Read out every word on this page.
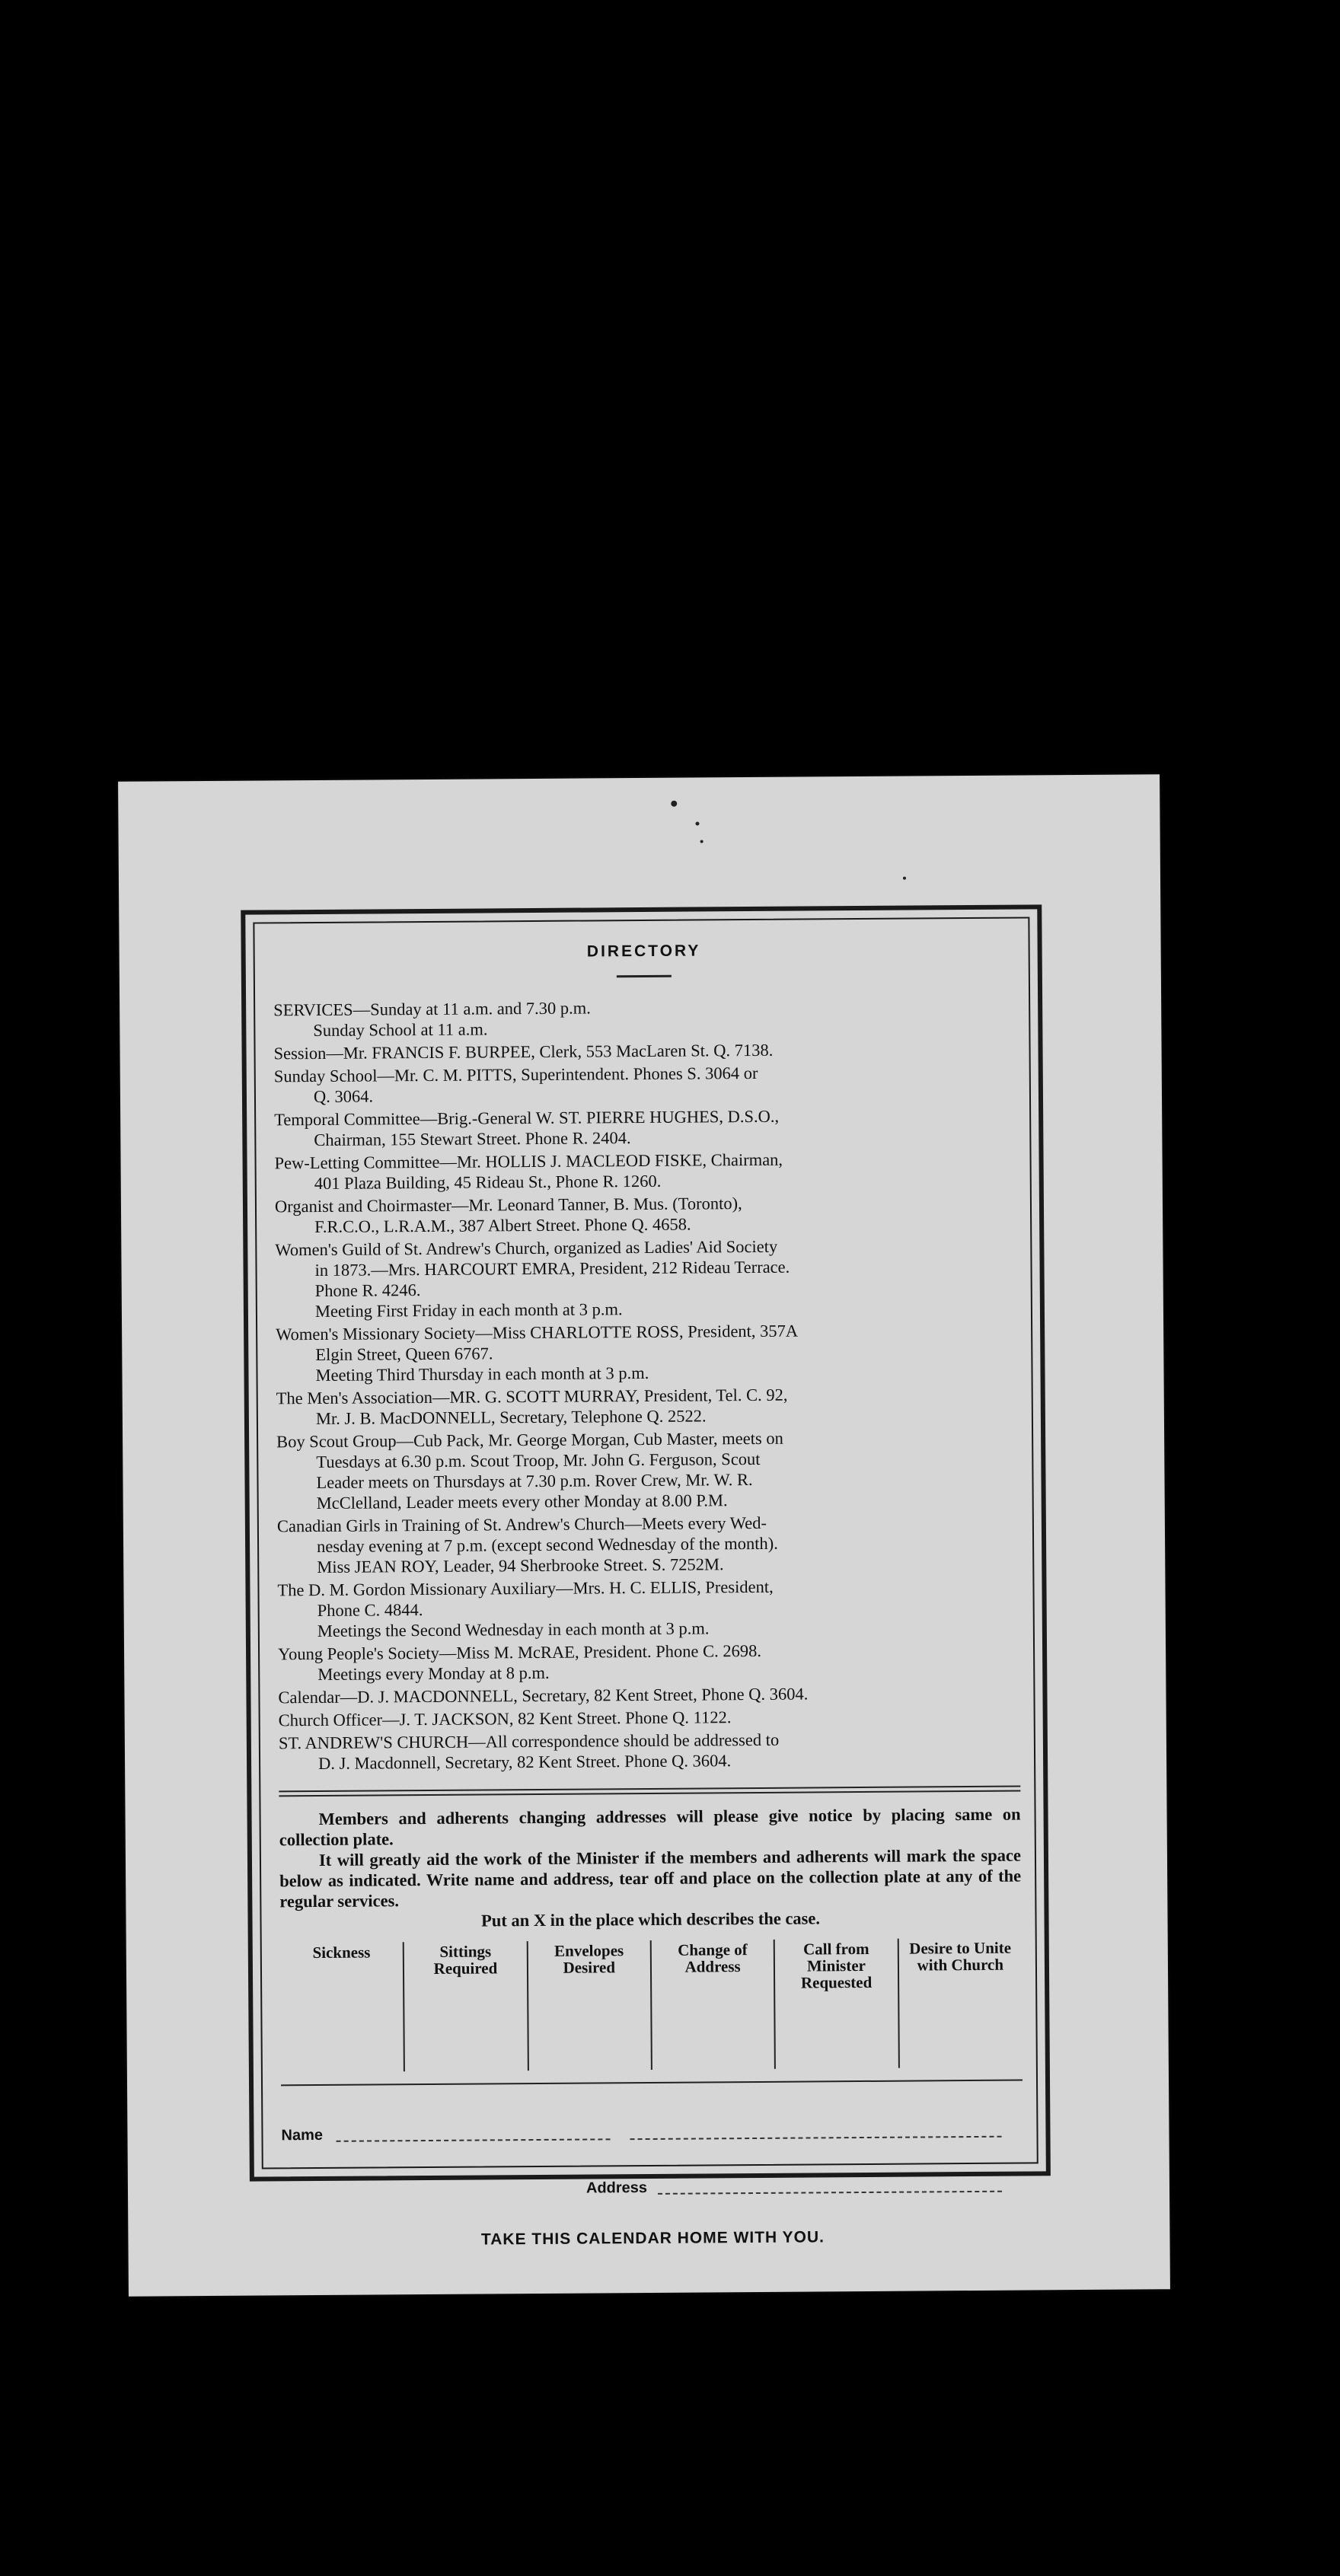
DIRECTORY
SERVICES—Sunday at 11 a.m. and 7.30 p.m.
Sunday School at 11 a.m.
Session—Mr. FRANCIS F. BURPEE, Clerk, 553 MacLaren St. Q. 7138.
Sunday School—Mr. C. M. PITTS, Superintendent. Phones S. 3064 or
Q. 3064.
Temporal Committee—Brig.-General W. ST. PIERRE HUGHES, D.S.O.,
Chairman, 155 Stewart Street. Phone R. 2404.
Pew-Letting Committee—Mr. HOLLIS J. MACLEOD FISKE, Chairman,
401 Plaza Building, 45 Rideau St., Phone R. 1260.
Organist and Choirmaster—Mr. Leonard Tanner, B. Mus. (Toronto),
F.R.C.O., L.R.A.M., 387 Albert Street. Phone Q. 4658.
Women's Guild of St. Andrew's Church, organized as Ladies' Aid Society
in 1873.—Mrs. HARCOURT EMRA, President, 212 Rideau Terrace.
Phone R. 4246.
Meeting First Friday in each month at 3 p.m.
Women's Missionary Society—Miss CHARLOTTE ROSS, President, 357A
Elgin Street, Queen 6767.
Meeting Third Thursday in each month at 3 p.m.
The Men's Association—MR. G. SCOTT MURRAY, President, Tel. C. 92,
Mr. J. B. MacDONNELL, Secretary, Telephone Q. 2522.
Boy Scout Group—Cub Pack, Mr. George Morgan, Cub Master, meets on
Tuesdays at 6.30 p.m. Scout Troop, Mr. John G. Ferguson, Scout
Leader meets on Thursdays at 7.30 p.m. Rover Crew, Mr. W. R.
McClelland, Leader meets every other Monday at 8.00 P.M.
Canadian Girls in Training of St. Andrew's Church—Meets every Wed-
nesday evening at 7 p.m. (except second Wednesday of the month).
Miss JEAN ROY, Leader, 94 Sherbrooke Street. S. 7252M.
The D. M. Gordon Missionary Auxiliary—Mrs. H. C. ELLIS, President,
Phone C. 4844.
Meetings the Second Wednesday in each month at 3 p.m.
Young People's Society—Miss M. McRAE, President. Phone C. 2698.
Meetings every Monday at 8 p.m.
Calendar—D. J. MACDONNELL, Secretary, 82 Kent Street, Phone Q. 3604.
Church Officer—J. T. JACKSON, 82 Kent Street. Phone Q. 1122.
ST. ANDREW'S CHURCH—All correspondence should be addressed to
D. J. Macdonnell, Secretary, 82 Kent Street. Phone Q. 3604.

Members and adherents changing addresses will please give notice by placing same on collection plate.

It will greatly aid the work of the Minister if the members and adherents will mark the space below as indicated. Write name and address, tear off and place on the collection plate at any of the regular services.

Put an X in the place which describes the case.

Sickness	Sittings Required	Envelopes Desired	Change of Address	Call from Minister Requested	Desire to Unite with Church
Name
Address
TAKE THIS CALENDAR HOME WITH YOU.
